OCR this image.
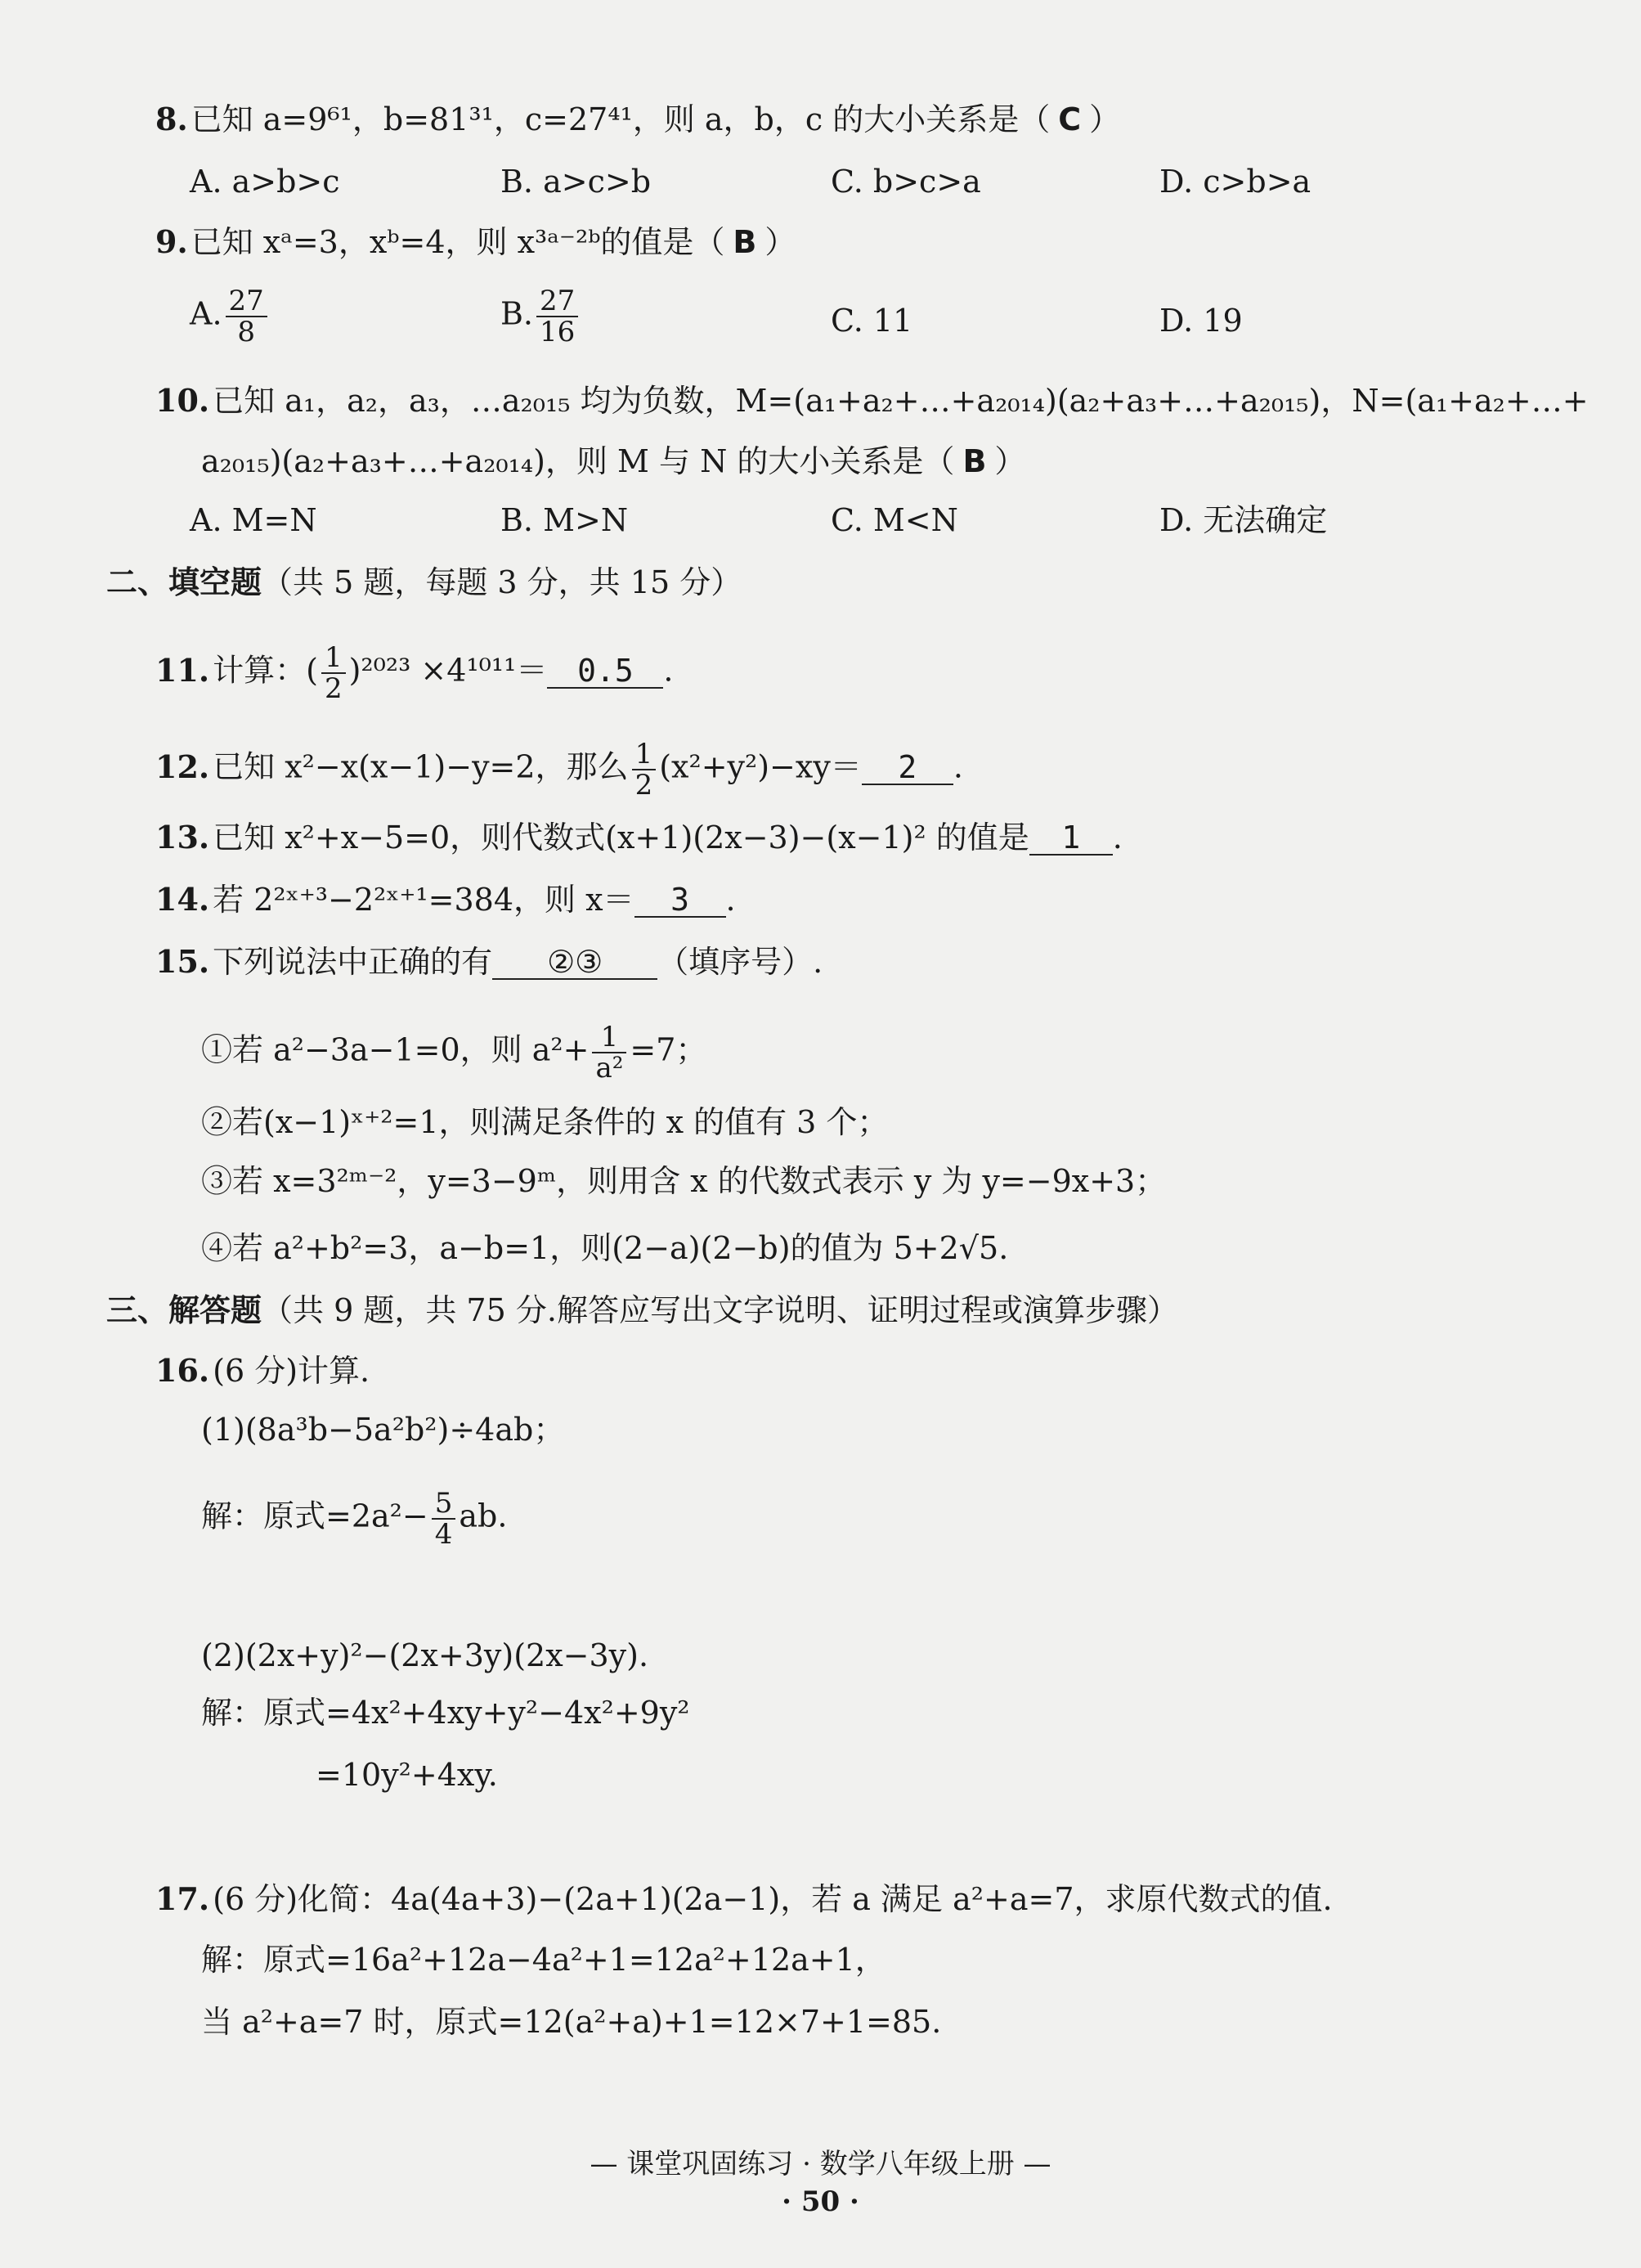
8. 已知 a=9⁶¹，b=81³¹，c=27⁴¹，则 a，b，c 的大小关系是（ C ）
A. a>b>c	B. a>c>b	C. b>c>a	D. c>b>a
9. 已知 xᵃ=3，xᵇ=4，则 x³ᵃ⁻²ᵇ的值是（ B ）
A. $\frac{27}{8}$	B. $\frac{27}{16}$	C. 11	D. 19
10. 已知 a₁，a₂，a₃，…a₂₀₁₅ 均为负数，M=(a₁+a₂+…+a₂₀₁₄)(a₂+a₃+…+a₂₀₁₅)，N=(a₁+a₂+…+
a₂₀₁₅)(a₂+a₃+…+a₂₀₁₄)，则 M 与 N 的大小关系是（ B ）
A. M=N	B. M>N	C. M<N	D. 无法确定
二、填空题（共 5 题，每题 3 分，共 15 分）
11. 计算：( $\frac{1}{2} )^{2023} \times 4^{1011}= 0.5$ .
12. 已知 x²−x(x−1)−y=2，那么 $\frac{1}{2} (x^2+y^2)-xy= 2$ .
13. 已知 x²+x−5=0，则代数式(x+1)(2x−3)−(x−1)² 的值是 1 .
14. 若 2²ˣ⁺³−2²ˣ⁺¹=384，则 x＝ 3 .
15. 下列说法中正确的有 ②③ （填序号）.
①若 a²−3a−1=0，则 $a^2+ \frac{1}{\text{a²}} =7$；
②若(x−1)ˣ⁺²=1，则满足条件的 x 的值有 3 个；
③若 x=3²ᵐ⁻²，y=3−9ᵐ，则用含 x 的代数式表示 y 为 y=−9x+3；
④若 a²+b²=3，a−b=1，则(2−a)(2−b)的值为 5+2√5.
三、解答题（共 9 题，共 75 分.解答应写出文字说明、证明过程或演算步骤）
16. (6 分)计算.
(1)(8a³b−5a²b²)÷4ab；
解：原式$=2a^2- \frac{5}{4}$ ab.
(2)(2x+y)²−(2x+3y)(2x−3y).
解：原式=4x²+4xy+y²−4x²+9y²
=10y²+4xy.
17. (6 分)化简：4a(4a+3)−(2a+1)(2a−1)，若 a 满足 a²+a=7，求原代数式的值.
解：原式=16a²+12a−4a²+1=12a²+12a+1，
当 a²+a=7 时，原式=12(a²+a)+1=12×7+1=85.
— 课堂巩固练习 · 数学八年级上册 —
· 50 ·
